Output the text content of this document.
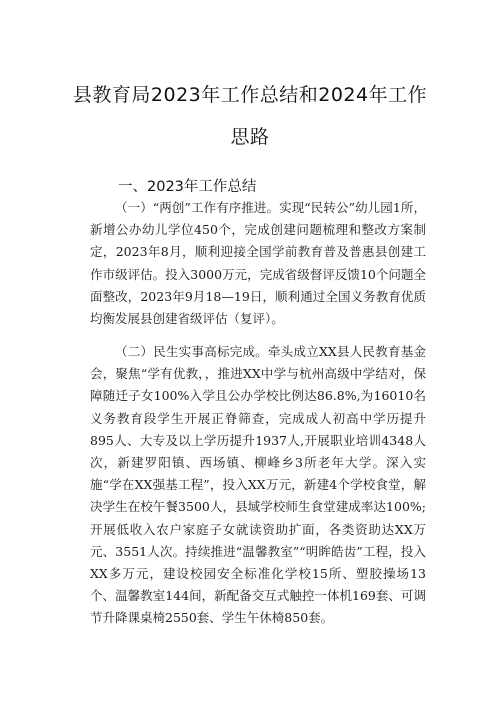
县教育局2023年工作总结和2024年工作
思路
一、2023年工作总结
（一）“两创”工作有序推进。实现“民转公”幼儿园1所，新增公办幼儿学位450个，完成创建问题梳理和整改方案制定，2023年8月，顺利迎接全国学前教育普及普惠县创建工作市级评估。投入3000万元，完成省级督评反馈10个问题全面整改，2023年9月18—19日，顺利通过全国义务教育优质均衡发展县创建省级评估（复评）。
（二）民生实事高标完成。牵头成立XX县人民教育基金会，聚焦“学有优教，，推进XX中学与杭州高级中学结对，保障随迁子女100%入学且公办学校比例达86.8%,为16010名义务教育段学生开展正脊筛查，完成成人初高中学历提升895人、大专及以上学历提升1937人,开展职业培训4348人次，新建罗阳镇、西场镇、柳峰乡3所老年大学。深入实施“学在XX强基工程”，投入XX万元，新建4个学校食堂，解决学生在校午餐3500人，县域学校师生食堂建成率达100%;开展低收入农户家庭子女就读资助扩面，各类资助达XX万元、3551人次。持续推进“温馨教室”“明眸皓齿”工程，投入XX多万元，建设校园安全标准化学校15所、塑胶操场13个、温馨教室144间，新配备交互式触控一体机169套、可调节升降课桌椅2550套、学生午休椅850套。
